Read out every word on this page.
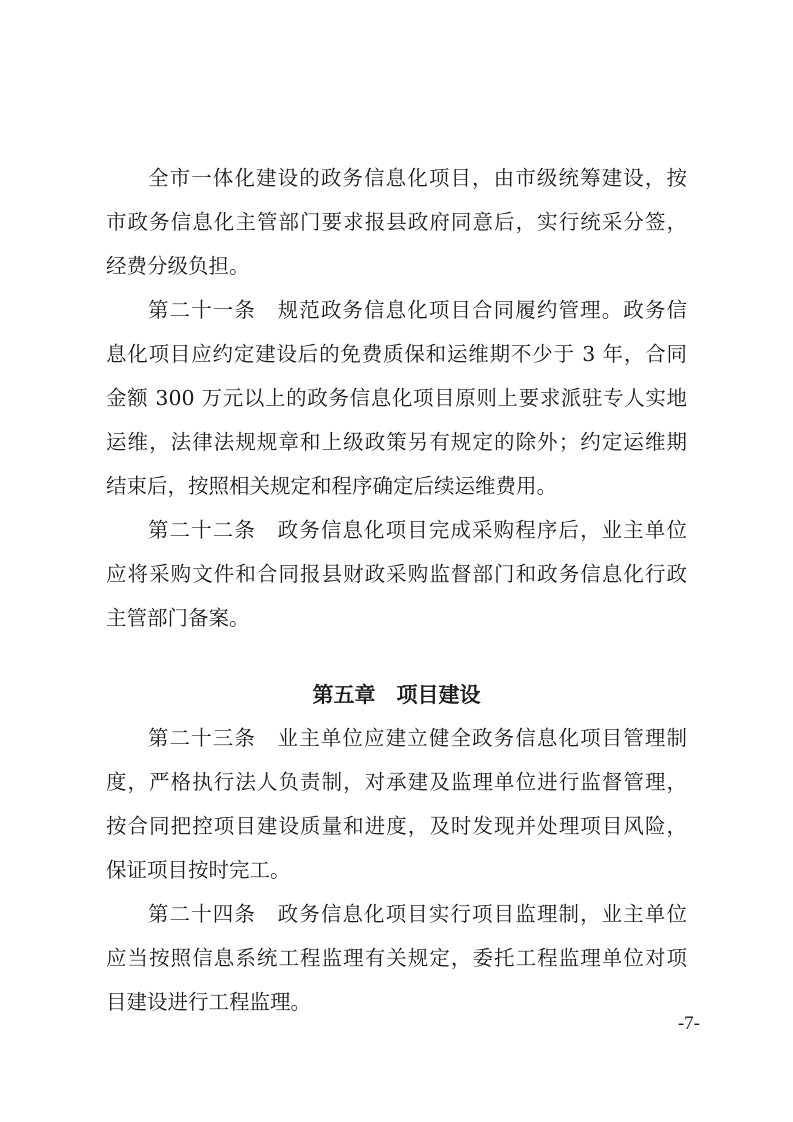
全市一体化建设的政务信息化项目，由市级统筹建设，按
市政务信息化主管部门要求报县政府同意后，实行统采分签，
经费分级负担。
第二十一条　规范政务信息化项目合同履约管理。政务信
息化项目应约定建设后的免费质保和运维期不少于 3 年，合同
金额 300 万元以上的政务信息化项目原则上要求派驻专人实地
运维，法律法规规章和上级政策另有规定的除外；约定运维期
结束后，按照相关规定和程序确定后续运维费用。
第二十二条　政务信息化项目完成采购程序后，业主单位
应将采购文件和合同报县财政采购监督部门和政务信息化行政
主管部门备案。
第五章　项目建设
第二十三条　业主单位应建立健全政务信息化项目管理制
度，严格执行法人负责制，对承建及监理单位进行监督管理，
按合同把控项目建设质量和进度，及时发现并处理项目风险，
保证项目按时完工。
第二十四条　政务信息化项目实行项目监理制，业主单位
应当按照信息系统工程监理有关规定，委托工程监理单位对项
目建设进行工程监理。
-7-
